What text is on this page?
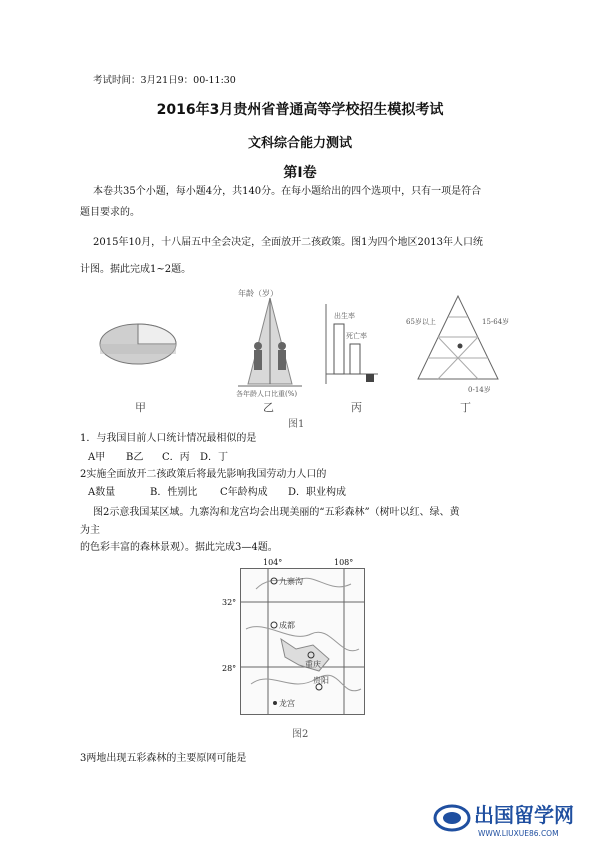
考试时间：3月21日9：00-11:30
2016年3月贵州省普通高等学校招生模拟考试
文科综合能力测试
第Ⅰ卷
本卷共35个小题，每小题4分，共140分。在每小题给出的四个选项中，只有一项是符合
题目要求的。
2015年10月，十八届五中全会决定，全面放开二孩政策。图1为四个地区2013年人口统
计图。据此完成1~2题。
甲
年龄（岁）
各年龄人口比重(%)
乙
出生率
死亡率
丙
65岁以上	15-64岁
0-14岁
丁
图1
1．与我国目前人口统计情况最相似的是
A甲 B乙 C．丙 D．丁
2实施全面放开二孩政策后将最先影响我国劳动力人口的
A数量	B．性别比 C年龄构成 D．职业构成
图2示意我国某区域。九寨沟和龙宫均会出现美丽的“五彩森林”（树叶以红、绿、黄
为主
的色彩丰富的森林景观）。据此完成3—4题。
104°	108°
32°
28°
九寨沟
成都
重庆
贵阳
龙宫
图2
3两地出现五彩森林的主要原网可能是
出国留学网
WWW.LIUXUE86.COM
